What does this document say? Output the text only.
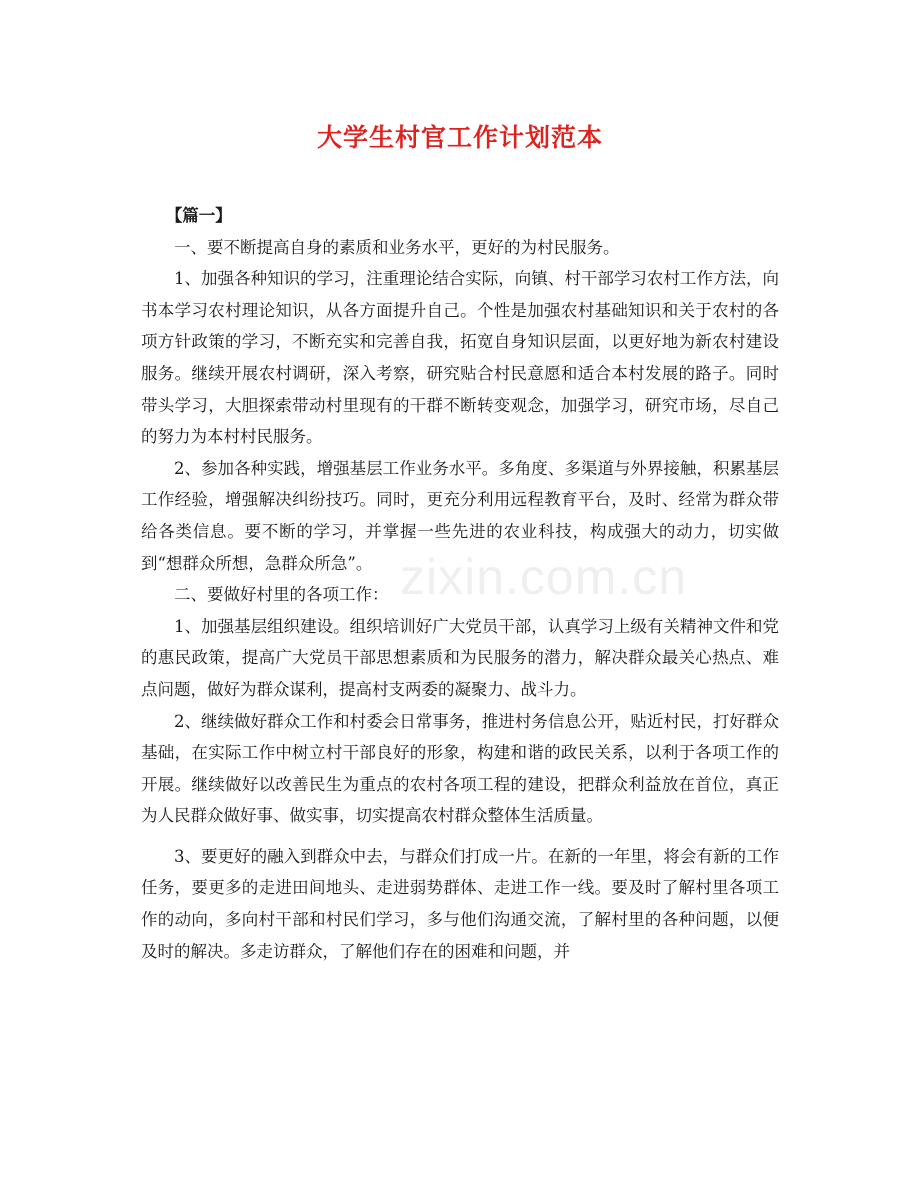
大学生村官工作计划范本

【篇一】

一、要不断提高自身的素质和业务水平，更好的为村民服务。

1、加强各种知识的学习，注重理论结合实际，向镇、村干部学习农村工作方法，向书本学习农村理论知识，从各方面提升自己。个性是加强农村基础知识和关于农村的各项方针政策的学习，不断充实和完善自我，拓宽自身知识层面，以更好地为新农村建设服务。继续开展农村调研，深入考察，研究贴合村民意愿和适合本村发展的路子。同时带头学习，大胆探索带动村里现有的干群不断转变观念，加强学习，研究市场，尽自己的努力为本村村民服务。

2、参加各种实践，增强基层工作业务水平。多角度、多渠道与外界接触，积累基层工作经验，增强解决纠纷技巧。同时，更充分利用远程教育平台，及时、经常为群众带给各类信息。要不断的学习，并掌握一些先进的农业科技，构成强大的动力，切实做到“想群众所想，急群众所急”。

二、要做好村里的各项工作：

1、加强基层组织建设。组织培训好广大党员干部，认真学习上级有关精神文件和党的惠民政策，提高广大党员干部思想素质和为民服务的潜力，解决群众最关心热点、难点问题，做好为群众谋利，提高村支两委的凝聚力、战斗力。

2、继续做好群众工作和村委会日常事务，推进村务信息公开，贴近村民，打好群众基础，在实际工作中树立村干部良好的形象，构建和谐的政民关系，以利于各项工作的开展。继续做好以改善民生为重点的农村各项工程的建设，把群众利益放在首位，真正为人民群众做好事、做实事，切实提高农村群众整体生活质量。

3、要更好的融入到群众中去，与群众们打成一片。在新的一年里，将会有新的工作任务，要更多的走进田间地头、走进弱势群体、走进工作一线。要及时了解村里各项工作的动向，多向村干部和村民们学习，多与他们沟通交流，了解村里的各种问题，以便及时的解决。多走访群众，了解他们存在的困难和问题，并

zixin.com.cn
